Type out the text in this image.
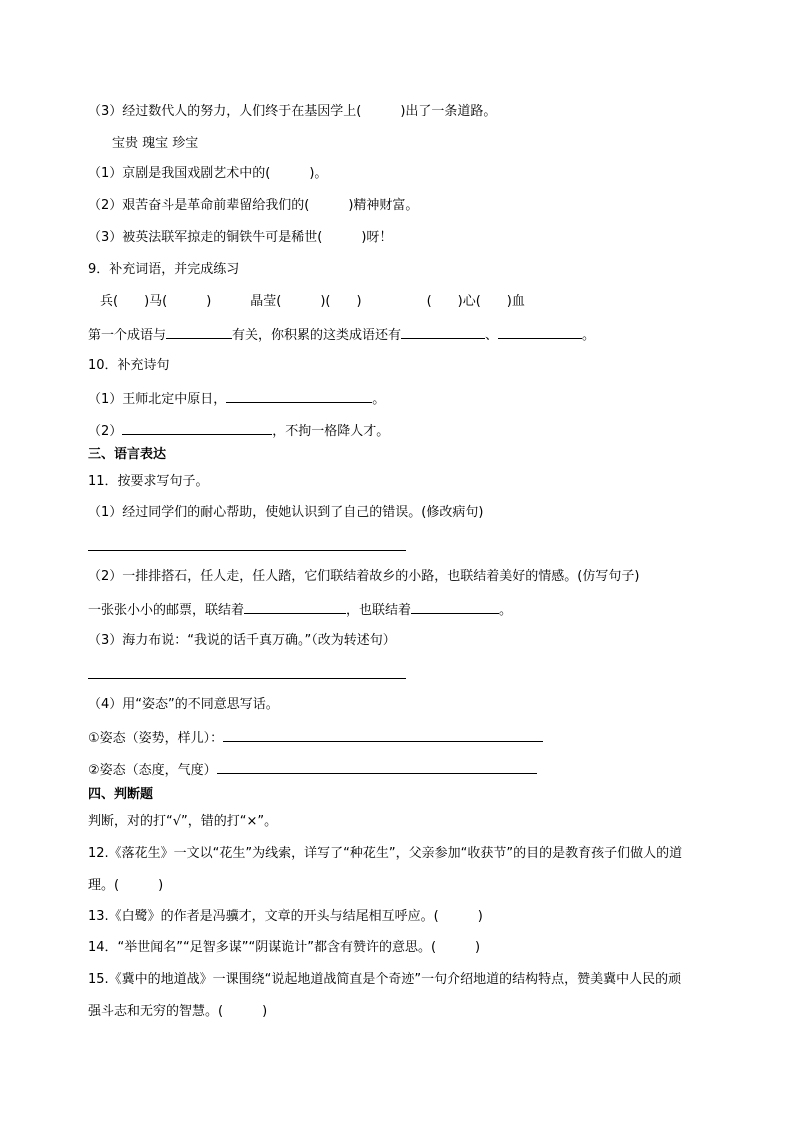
（3）经过数代人的努力，人们终于在基因学上(　　　)出了一条道路。
宝贵 瑰宝 珍宝
（1）京剧是我国戏剧艺术中的(　　　)。
（2）艰苦奋斗是革命前辈留给我们的(　　　)精神财富。
（3）被英法联军掠走的铜铁牛可是稀世(　　　)呀！
9．补充词语，并完成练习
兵(　　)马(　　　)　　　晶莹(　　　)(　　)　　　　　(　　)心(　　)血
第一个成语与	有关，你积累的这类成语还有	、	。
10．补充诗句
（1）王师北定中原日，	。
（2）	，不拘一格降人才。
三、语言表达
11．按要求写句子。
（1）经过同学们的耐心帮助，使她认识到了自己的错误。(修改病句)
（2）一排排搭石，任人走，任人踏，它们联结着故乡的小路，也联结着美好的情感。(仿写句子)
一张张小小的邮票，联结着	，也联结着	。
（3）海力布说：“我说的话千真万确。”（改为转述句）
（4）用“姿态”的不同意思写话。
①姿态（姿势，样儿）：
②姿态（态度，气度）
四、判断题
判断，对的打“√”，错的打“×”。
12.《落花生》一文以“花生”为线索，详写了“种花生”，父亲参加“收获节”的目的是教育孩子们做人的道
理。(　　　)
13.《白鹭》的作者是冯骥才，文章的开头与结尾相互呼应。(　　　)
14．“举世闻名”“足智多谋”“阴谋诡计”都含有赞许的意思。(　　　)
15.《冀中的地道战》一课围绕“说起地道战简直是个奇迹”一句介绍地道的结构特点，赞美冀中人民的顽
强斗志和无穷的智慧。(　　　)
